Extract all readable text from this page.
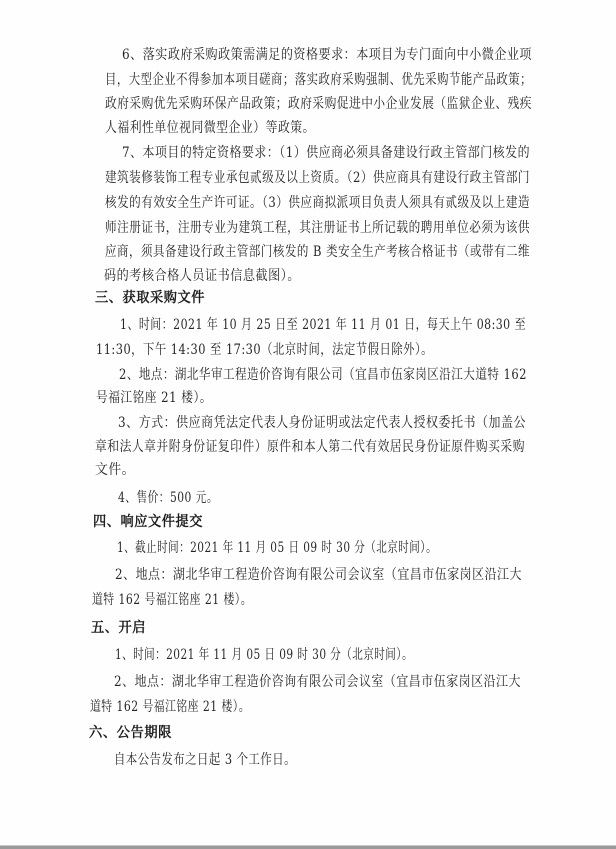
6、落实政府采购政策需满足的资格要求：本项目为专门面向中小微企业项
目，大型企业不得参加本项目磋商；落实政府采购强制、优先采购节能产品政策；
政府采购优先采购环保产品政策；政府采购促进中小企业发展（监狱企业、残疾
人福利性单位视同微型企业）等政策。
7、本项目的特定资格要求：（1）供应商必须具备建设行政主管部门核发的
建筑装修装饰工程专业承包贰级及以上资质。（2）供应商具有建设行政主管部门
核发的有效安全生产许可证。（3）供应商拟派项目负责人须具有贰级及以上建造
师注册证书，注册专业为建筑工程，其注册证书上所记载的聘用单位必须为该供
应商，须具备建设行政主管部门核发的 B 类安全生产考核合格证书（或带有二维
码的考核合格人员证书信息截图）。
三、获取采购文件
1、时间：2021 年 10 月 25 日至 2021 年 11 月 01 日，每天上午 08:30 至
11:30，下午 14:30 至 17:30（北京时间，法定节假日除外）。
2、地点：湖北华审工程造价咨询有限公司（宜昌市伍家岗区沿江大道特 162
号福江铭座 21 楼）。
3、方式：供应商凭法定代表人身份证明或法定代表人授权委托书（加盖公
章和法人章并附身份证复印件）原件和本人第二代有效居民身份证原件购买采购
文件。
4、售价：500 元。
四、响应文件提交
1、截止时间：2021 年 11 月 05 日 09 时 30 分（北京时间）。
2、地点：湖北华审工程造价咨询有限公司会议室（宜昌市伍家岗区沿江大
道特 162 号福江铭座 21 楼）。
五、开启
1、时间：2021 年 11 月 05 日 09 时 30 分（北京时间）。
2、地点：湖北华审工程造价咨询有限公司会议室（宜昌市伍家岗区沿江大
道特 162 号福江铭座 21 楼）。
六、公告期限
自本公告发布之日起 3 个工作日。
